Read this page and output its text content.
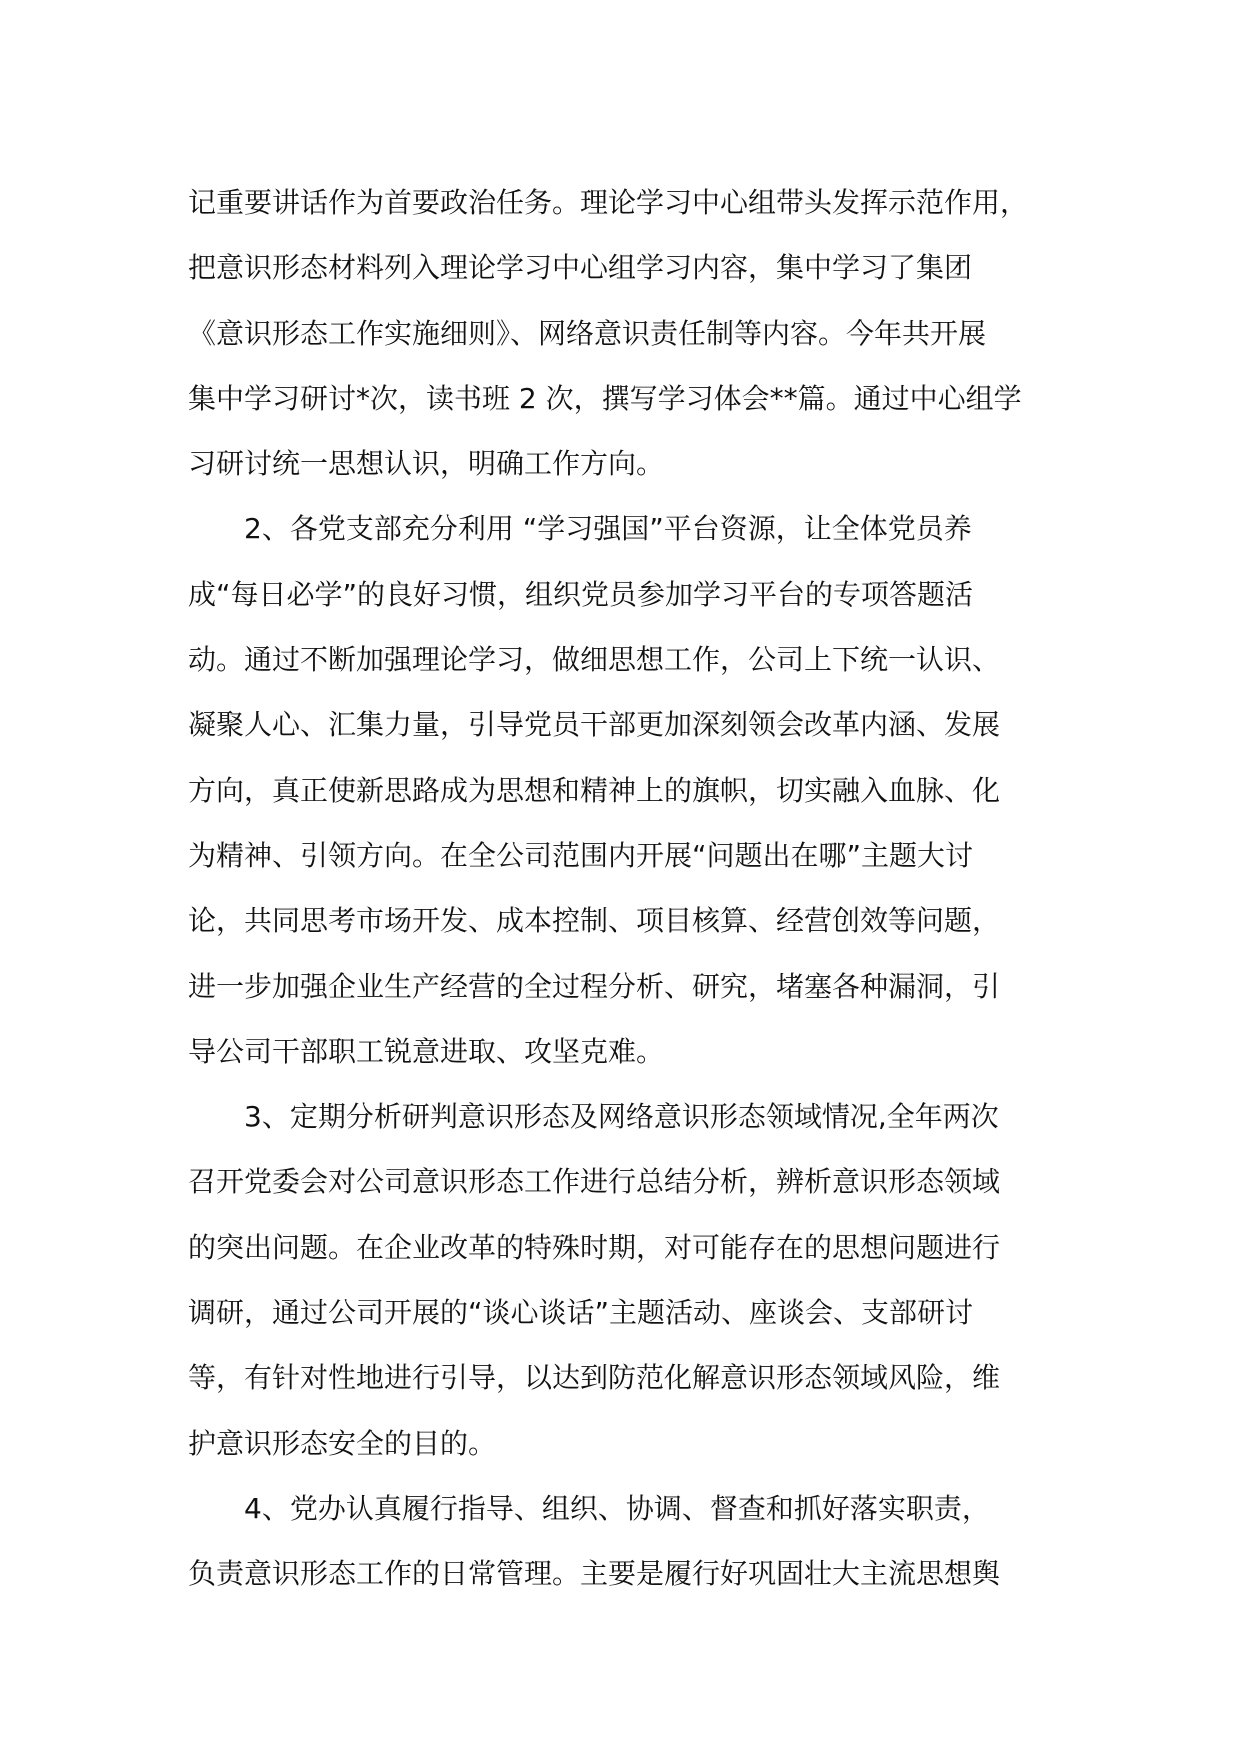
记重要讲话作为首要政治任务。理论学习中心组带头发挥示范作用，
把意识形态材料列入理论学习中心组学习内容，集中学习了集团
《意识形态工作实施细则》、网络意识责任制等内容。今年共开展
集中学习研讨*次，读书班 2 次，撰写学习体会**篇。通过中心组学
习研讨统一思想认识，明确工作方向。
　　2、各党支部充分利用 “学习强国”平台资源，让全体党员养
成“每日必学”的良好习惯，组织党员参加学习平台的专项答题活
动。通过不断加强理论学习，做细思想工作，公司上下统一认识、
凝聚人心、汇集力量，引导党员干部更加深刻领会改革内涵、发展
方向，真正使新思路成为思想和精神上的旗帜，切实融入血脉、化
为精神、引领方向。在全公司范围内开展“问题出在哪”主题大讨
论，共同思考市场开发、成本控制、项目核算、经营创效等问题，
进一步加强企业生产经营的全过程分析、研究，堵塞各种漏洞，引
导公司干部职工锐意进取、攻坚克难。
　　3、定期分析研判意识形态及网络意识形态领域情况,全年两次
召开党委会对公司意识形态工作进行总结分析，辨析意识形态领域
的突出问题。在企业改革的特殊时期，对可能存在的思想问题进行
调研，通过公司开展的“谈心谈话”主题活动、座谈会、支部研讨
等，有针对性地进行引导，以达到防范化解意识形态领域风险，维
护意识形态安全的目的。
　　4、党办认真履行指导、组织、协调、督查和抓好落实职责，
负责意识形态工作的日常管理。主要是履行好巩固壮大主流思想舆
